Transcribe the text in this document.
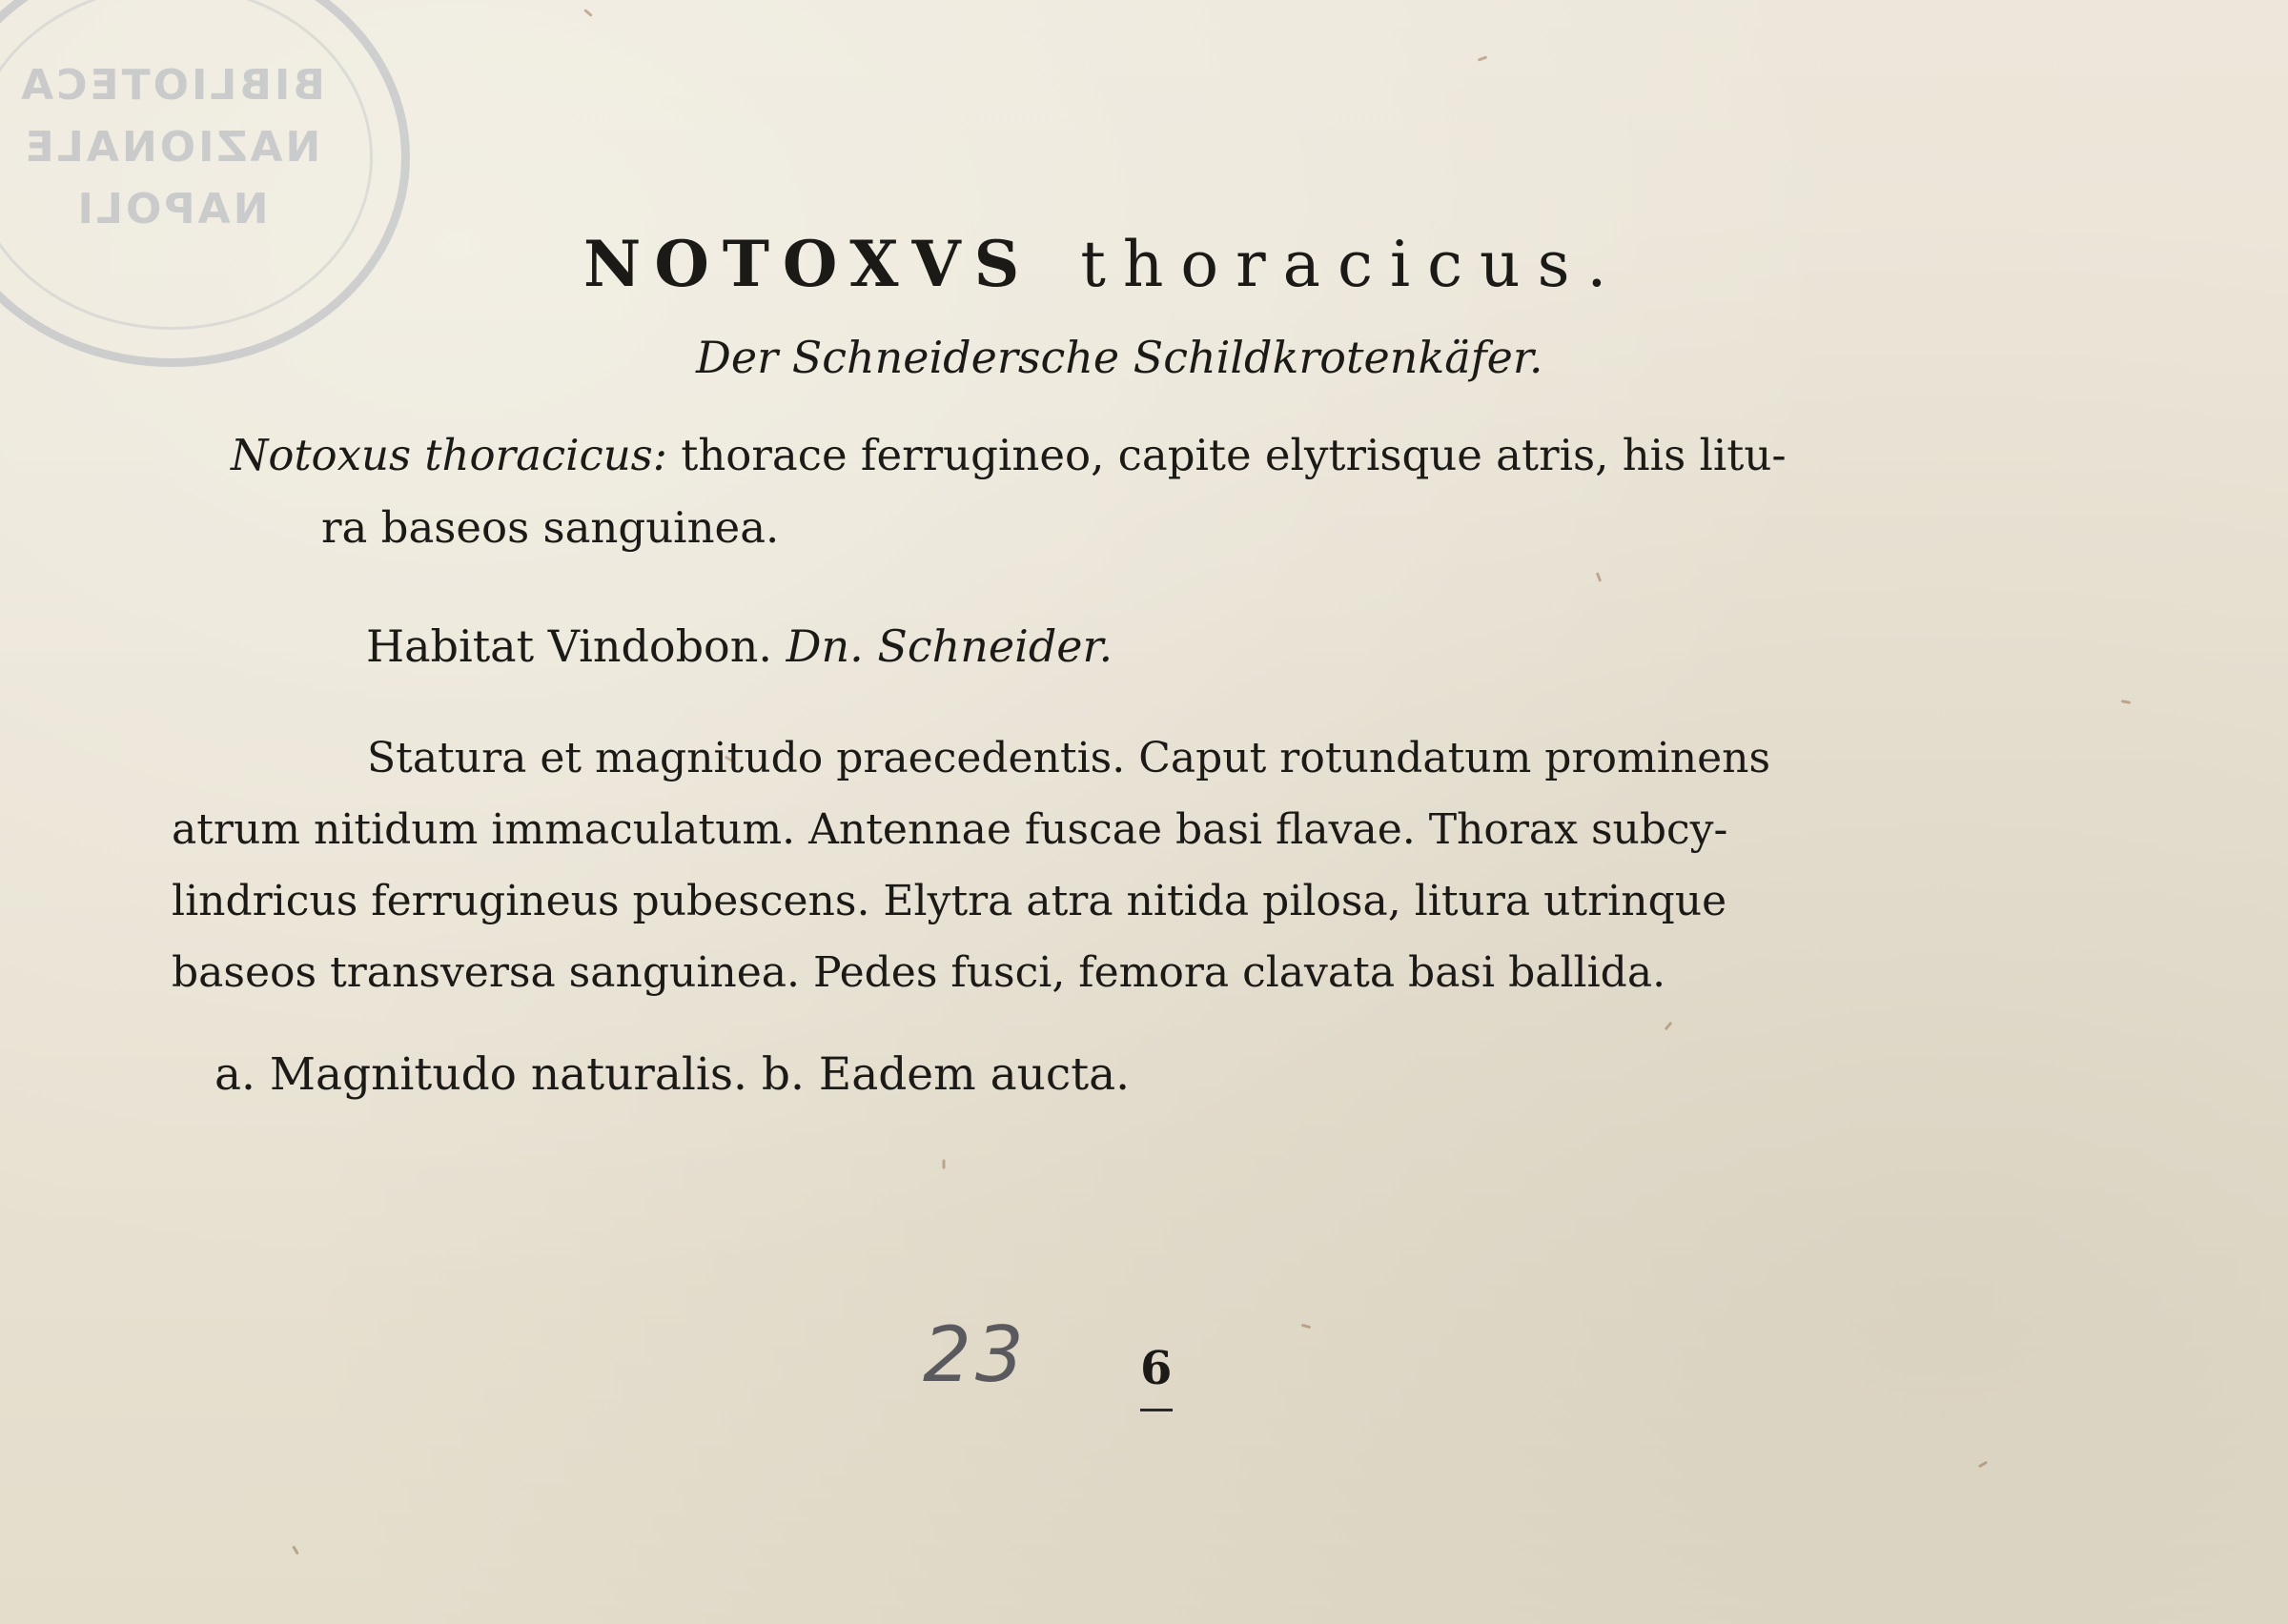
BIBLIOTECA
NAZIONALE
NAPOLI
NOTOXVS thoracicus.
Der Schneidersche Schildkrotenkäfer.
Notoxus thoracicus: thorace ferrugineo, capite elytrisque atris, his litu-
ra baseos sanguinea.
Habitat Vindobon. Dn. Schneider.
Statura et magnitudo praecedentis. Caput rotundatum prominens
atrum nitidum immaculatum. Antennae fuscae basi flavae. Thorax subcy-
lindricus ferrugineus pubescens. Elytra atra nitida pilosa, litura utrinque
baseos transversa sanguinea. Pedes fusci, femora clavata basi ballida.
a. Magnitudo naturalis. b. Eadem aucta.
23 6
